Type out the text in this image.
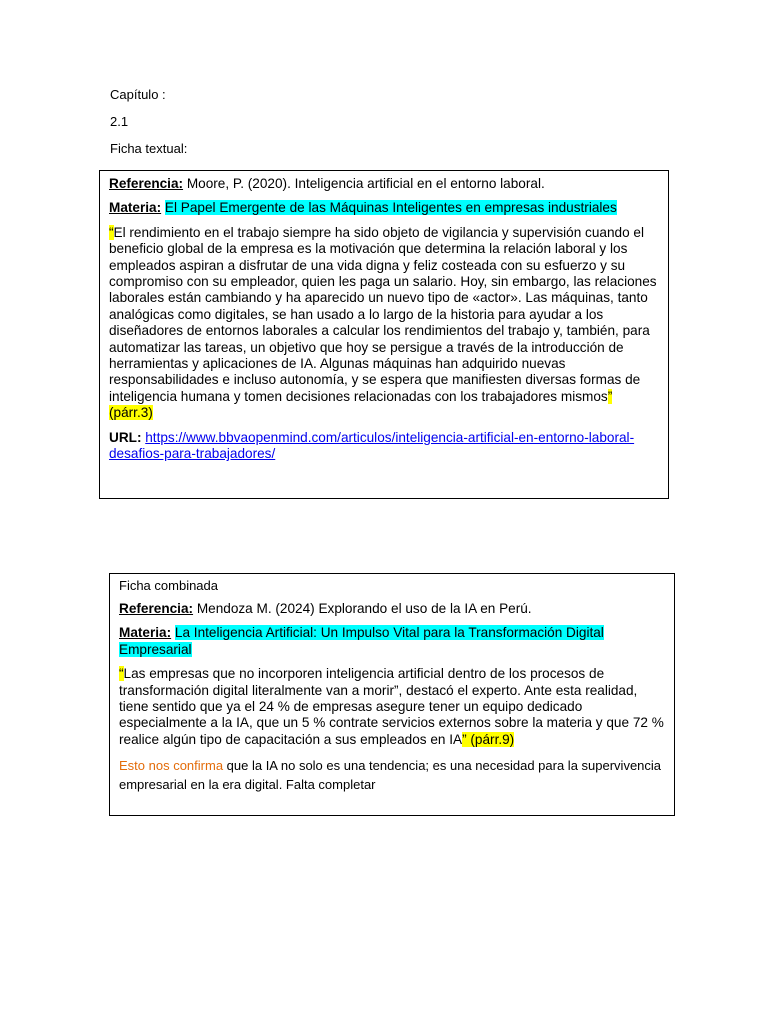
Capítulo :
2.1
Ficha textual:
Referencia: Moore, P. (2020). Inteligencia artificial en el entorno laboral.
Materia: El Papel Emergente de las Máquinas Inteligentes en empresas industriales
“El rendimiento en el trabajo siempre ha sido objeto de vigilancia y supervisión cuando el beneficio global de la empresa es la motivación que determina la relación laboral y los empleados aspiran a disfrutar de una vida digna y feliz costeada con su esfuerzo y su compromiso con su empleador, quien les paga un salario. Hoy, sin embargo, las relaciones laborales están cambiando y ha aparecido un nuevo tipo de «actor». Las máquinas, tanto analógicas como digitales, se han usado a lo largo de la historia para ayudar a los diseñadores de entornos laborales a calcular los rendimientos del trabajo y, también, para automatizar las tareas, un objetivo que hoy se persigue a través de la introducción de herramientas y aplicaciones de IA. Algunas máquinas han adquirido nuevas responsabilidades e incluso autonomía, y se espera que manifiesten diversas formas de inteligencia humana y tomen decisiones relacionadas con los trabajadores mismos” (párr.3)
URL: https://www.bbvaopenmind.com/articulos/inteligencia-artificial-en-entorno-laboral-desafios-para-trabajadores/
Ficha combinada
Referencia: Mendoza M. (2024) Explorando el uso de la IA en Perú.
Materia: La Inteligencia Artificial: Un Impulso Vital para la Transformación Digital Empresarial
“Las empresas que no incorporen inteligencia artificial dentro de los procesos de transformación digital literalmente van a morir”, destacó el experto. Ante esta realidad, tiene sentido que ya el 24 % de empresas asegure tener un equipo dedicado especialmente a la IA, que un 5 % contrate servicios externos sobre la materia y que 72 % realice algún tipo de capacitación a sus empleados en IA” (párr.9)
Esto nos confirma que la IA no solo es una tendencia; es una necesidad para la supervivencia empresarial en la era digital. Falta completar
